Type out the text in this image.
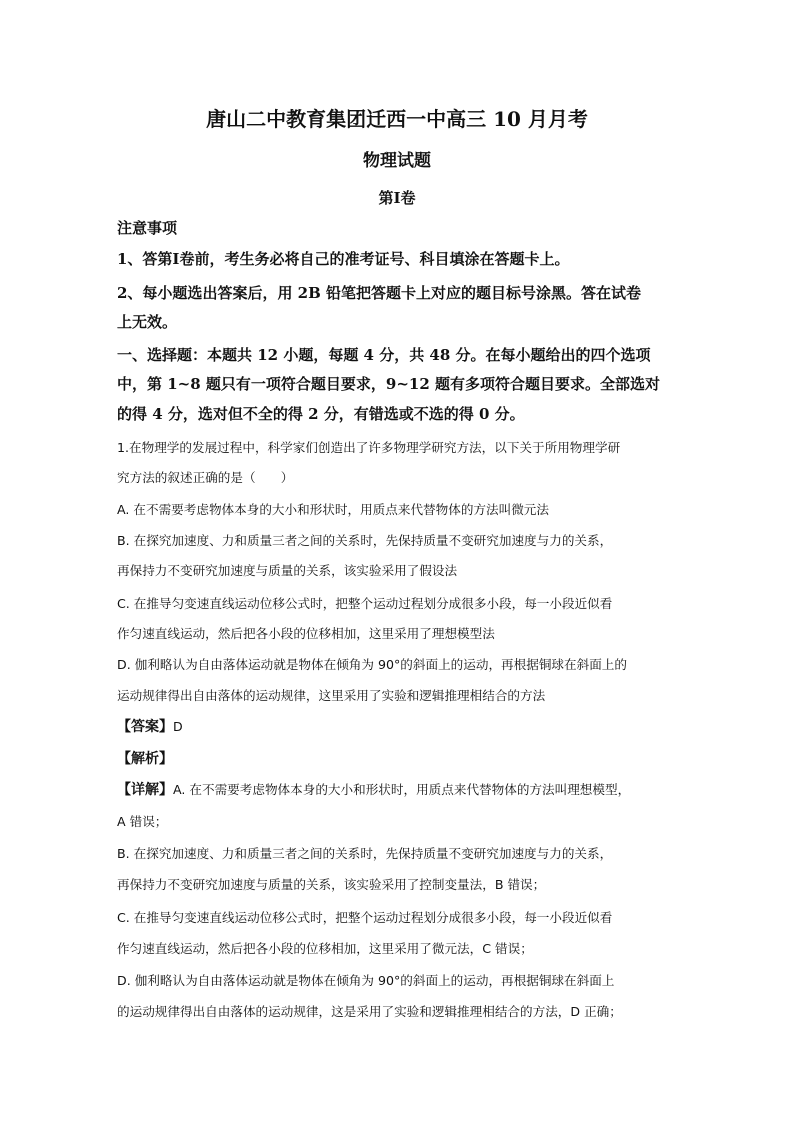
唐山二中教育集团迁西一中高三 10 月月考
物理试题
第Ⅰ卷
注意事项
1、答第Ⅰ卷前，考生务必将自己的准考证号、科目填涂在答题卡上。
2、每小题选出答案后，用 2B 铅笔把答题卡上对应的题目标号涂黑。答在试卷
上无效。
一、选择题：本题共 12 小题，每题 4 分，共 48 分。在每小题给出的四个选项
中，第 1~8 题只有一项符合题目要求，9~12 题有多项符合题目要求。全部选对
的得 4 分，选对但不全的得 2 分，有错选或不选的得 0 分。
1.在物理学的发展过程中，科学家们创造出了许多物理学研究方法，以下关于所用物理学研
究方法的叙述正确的是（　　）
A. 在不需要考虑物体本身的大小和形状时，用质点来代替物体的方法叫微元法
B. 在探究加速度、力和质量三者之间的关系时，先保持质量不变研究加速度与力的关系，
再保持力不变研究加速度与质量的关系，该实验采用了假设法
C. 在推导匀变速直线运动位移公式时，把整个运动过程划分成很多小段，每一小段近似看
作匀速直线运动，然后把各小段的位移相加，这里采用了理想模型法
D. 伽利略认为自由落体运动就是物体在倾角为 90°的斜面上的运动，再根据铜球在斜面上的
运动规律得出自由落体的运动规律，这里采用了实验和逻辑推理相结合的方法
【答案】D
【解析】
【详解】A. 在不需要考虑物体本身的大小和形状时，用质点来代替物体的方法叫理想模型，
A 错误；
B. 在探究加速度、力和质量三者之间的关系时，先保持质量不变研究加速度与力的关系，
再保持力不变研究加速度与质量的关系，该实验采用了控制变量法，B 错误；
C. 在推导匀变速直线运动位移公式时，把整个运动过程划分成很多小段，每一小段近似看
作匀速直线运动，然后把各小段的位移相加，这里采用了微元法，C 错误；
D. 伽利略认为自由落体运动就是物体在倾角为 90°的斜面上的运动，再根据铜球在斜面上
的运动规律得出自由落体的运动规律，这是采用了实验和逻辑推理相结合的方法，D 正确；
